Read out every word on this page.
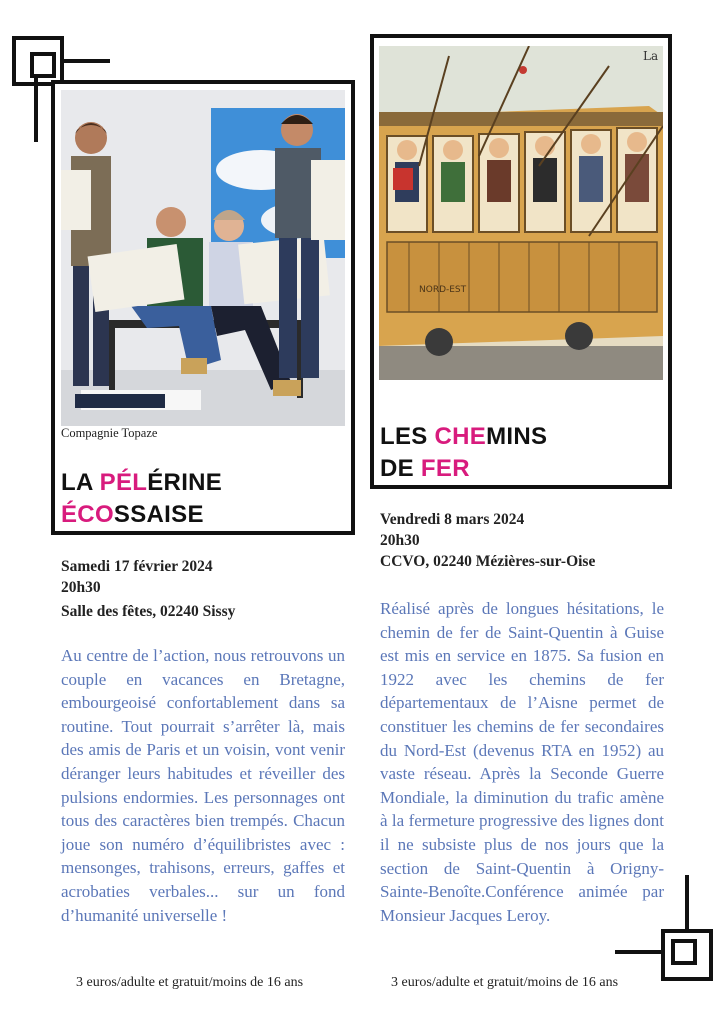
Compagnie Topaze
LA PÉLÉRINE
ÉCOSSAISE
Samedi 17 février 2024
20h30
Salle des fêtes, 02240 Sissy
Au centre de l’action, nous retrouvons un couple en vacances en Bretagne, embourgeoisé confortablement dans sa routine. Tout pourrait s’arrêter là, mais des amis de Paris et un voisin, vont venir déranger leurs habitudes et réveiller des pulsions endormies. Les personnages ont tous des caractères bien trempés. Chacun joue son numéro d’équilibristes avec : mensonges, trahisons, erreurs, gaffes et acrobaties verbales... sur un fond d’humanité universelle !
3 euros/adulte et gratuit/moins de 16 ans
La
NORD-EST
LES CHEMINS
DE FER
Vendredi 8 mars 2024
20h30
CCVO, 02240 Mézières-sur-Oise
Réalisé après de longues hésitations, le chemin de fer de Saint-Quentin à Guise est mis en service en 1875. Sa fusion en 1922 avec les chemins de fer départementaux de l’Aisne permet de constituer les chemins de fer secondaires du Nord-Est (devenus RTA en 1952) au vaste réseau. Après la Seconde Guerre Mondiale, la diminution du trafic amène à la fermeture progressive des lignes dont il ne subsiste plus de nos jours que la section de Saint-Quentin à Origny-Sainte-Benoîte.Conférence animée par Monsieur Jacques Leroy.
3 euros/adulte et gratuit/moins de 16 ans
